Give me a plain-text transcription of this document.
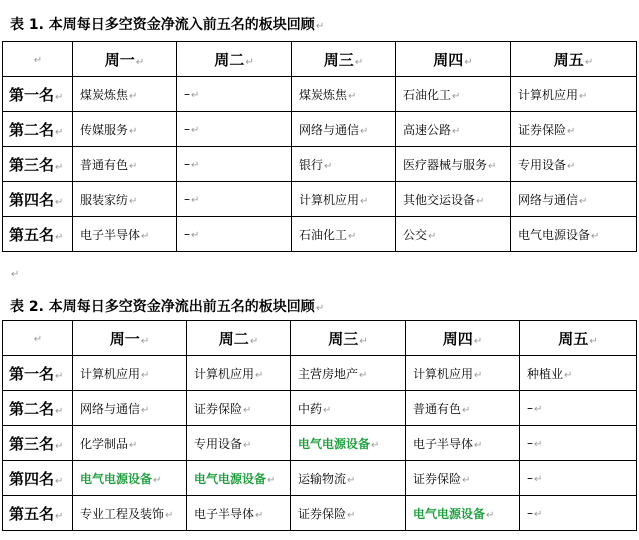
表 1. 本周每日多空资金净流入前五名的板块回顾↵
↵	周一↵	周二↵	周三↵	周四↵	周五↵
第一名↵	煤炭炼焦↵	–↵	煤炭炼焦↵	石油化工↵	计算机应用↵
第二名↵	传媒服务↵	–↵	网络与通信↵	高速公路↵	证券保险↵
第三名↵	普通有色↵	–↵	银行↵	医疗器械与服务↵	专用设备↵
第四名↵	服装家纺↵	–↵	计算机应用↵	其他交运设备↵	网络与通信↵
第五名↵	电子半导体↵	–↵	石油化工↵	公交↵	电气电源设备↵
↵
表 2. 本周每日多空资金净流出前五名的板块回顾↵
↵	周一↵	周二↵	周三↵	周四↵	周五↵
第一名↵	计算机应用↵	计算机应用↵	主营房地产↵	计算机应用↵	种植业↵
第二名↵	网络与通信↵	证券保险↵	中药↵	普通有色↵	–↵
第三名↵	化学制品↵	专用设备↵	电气电源设备↵	电子半导体↵	–↵
第四名↵	电气电源设备↵	电气电源设备↵	运输物流↵	证券保险↵	–↵
第五名↵	专业工程及装饰↵	电子半导体↵	证券保险↵	电气电源设备↵	–↵
